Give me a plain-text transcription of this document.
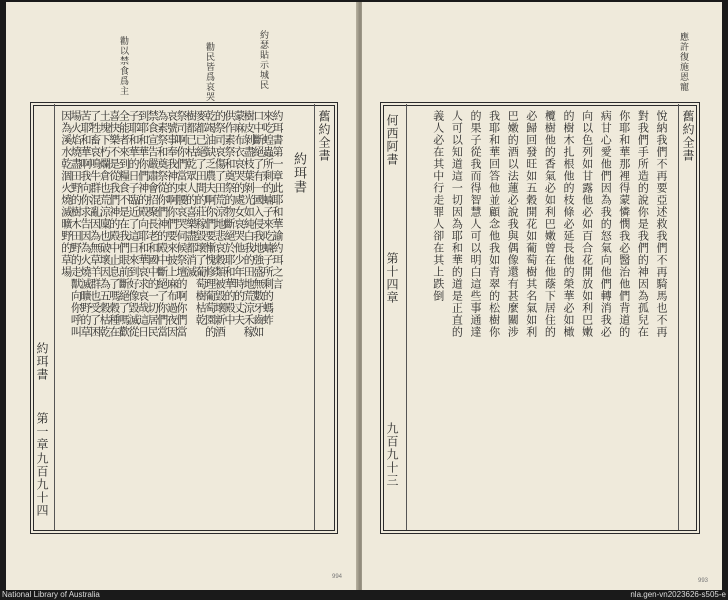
約瑟貼示城民
勸民皆爲哀哭
勸以禁食爲主
舊約全書
約珥書
約珥書第一章此耶和華諭約珥之言
來吃蝗蟲所剩的蝻子來吃蝻子所剩的螞蚱
口中斷絕了有一國入侵我地強盛無數牙齒如
樹皮剝盡枝葉剝光如純白我的田地荒涼禾稼
蒙麻布衣哀哭的處女哀哭他少年時的丈夫
供作素祭和奠祭的物斷絕於耶和華的殿中
的祭司哀傷了田荒涼地悲哀穀類被毀壞新酒
乾竭油缺乏農夫啊你們要慚愧修理葡萄園的
麥都已絕了田間的莊稼毀壞了葡萄樹枯乾
樹都已枯乾眾人的喜樂盡都消滅
祭司啊你們當束腰哀哭伺候祭壇的啊你們當
哀號事奉我神的啊你們要來披上麻布過夜因
為素祭和奠祭從你們神的殿中斷絕了你們當
禁食宣告嚴肅會招聚長老和國中的一切居民
到耶和華你們神的殿向耶和華哀求哀哉這日
子耶和華的日子臨近了這日來到好像毀滅從
全能者來到糧食不是在我們眼前斷絕了嗎歡
喜快樂不是從我們神的殿中止息了嗎穀種在
土塊下朽爛倉也荒涼廩也破壞因為五穀枯乾
了牲畜哀鳴牛群混亂因為無草羊群也受了困
苦耶和華啊我向你求告因為火燒滅曠野的草
場火焰燒盡田野的樹木田野的走獸向你呼叫
因為溪水乾涸火燒滅曠野的草場
約珥書
第一章
九百九十四
994
應許復施恩寵
舊約全書
悅納我們不再要亞述救我們不再騎馬也不再
對我們手所造的說你是我們的神因為孤兒在
你耶和華那裡得蒙憐憫我必醫治他們背道的
病甘心愛他們因為我的怒氣向他們轉消我必
向以色列如甘露他必如百合花開放如利巴嫩
的樹木扎根他的枝條必延長他的榮華必如橄
欖樹他的香氣必如利巴嫩曾在他蔭下居住的
必歸回發旺如五穀開花如葡萄樹其名氣如利
巴嫩的酒以法蓮必說我與偶像還有甚麼關涉
我耶和華回答他並顧念他我如青翠的松樹你
的果子從我而得智慧人可以明白這些事通達
人可以知道這一切因為耶和華的道是正直的
義人必在其中行走罪人卻在其上跌倒
何西阿書
第十四章
九百九十三
993
National Library of Australia	nla.gen-vn2023626-s505-e
